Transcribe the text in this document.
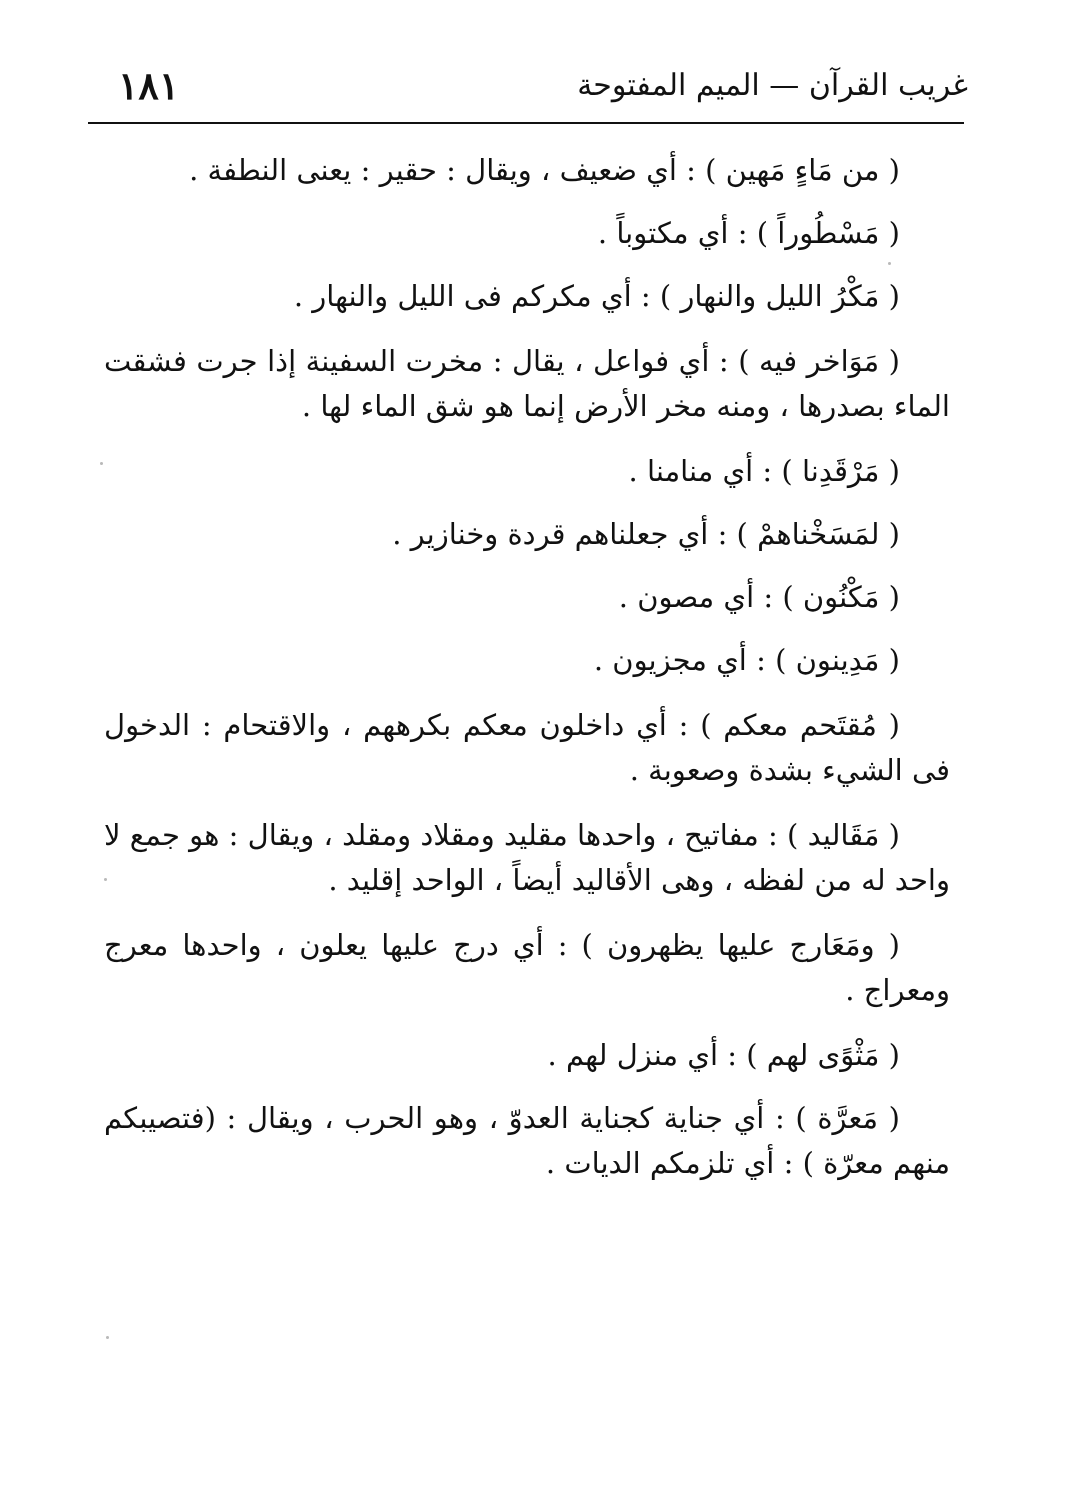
١٨١	غريب القرآن — الميم المفتوحة

( من مَاءٍ مَهين ) : أي ضعيف ، ويقال : حقير : يعنى النطفة .

( مَسْطُوراً ) : أي مكتوباً .

( مَكْرُ الليل والنهار ) : أي مكركم فى الليل والنهار .

( مَوَاخر فيه ) : أي فواعل ، يقال : مخرت السفينة إذا جرت فشقت الماء بصدرها ، ومنه مخر الأرض إنما هو شق الماء لها .

( مَرْقَدِنا ) : أي منامنا .

( لمَسَخْناهمْ ) : أي جعلناهم قردة وخنازير .

( مَكْنُون ) : أي مصون .

( مَدِينون ) : أي مجزيون .

( مُقتَحم معكم ) : أي داخلون معكم بكرههم ، والاقتحام : الدخول فى الشيء بشدة وصعوبة .

( مَقَاليد ) : مفاتيح ، واحدها مقليد ومقلاد ومقلد ، ويقال : هو جمع لا واحد له من لفظه ، وهى الأقاليد أيضاً ، الواحد إقليد .

( ومَعَارج عليها يظهرون ) : أي درج عليها يعلون ، واحدها معرج ومعراج .

( مَثْوًى لهم ) : أي منزل لهم .

( مَعرَّة ) : أي جناية كجناية العدوّ ، وهو الحرب ، ويقال : (فتصيبكم منهم معرّة ) : أي تلزمكم الديات .
